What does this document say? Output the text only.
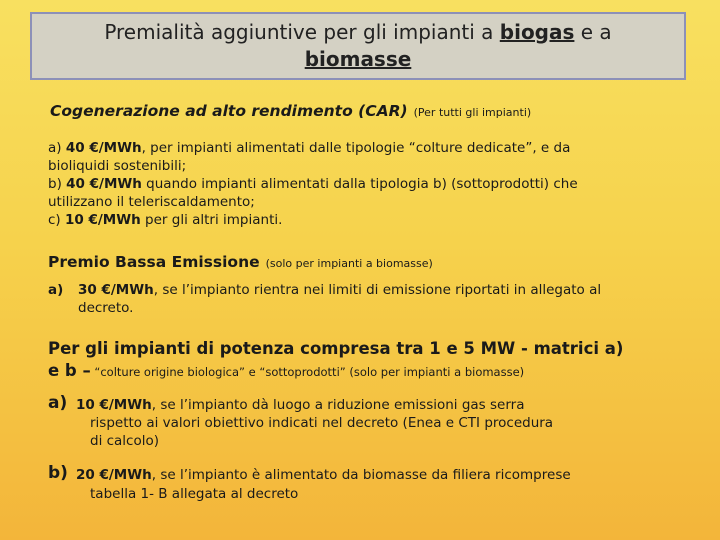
Premialità aggiuntive per gli impianti a biogas e a
biomasse
Cogenerazione ad alto rendimento (CAR) (Per tutti gli impianti)
a) 40 €/MWh, per impianti alimentati dalle tipologie “colture dedicate”, e da
bioliquidi sostenibili;
b) 40 €/MWh quando impianti alimentati dalla tipologia b) (sottoprodotti) che
utilizzano il teleriscaldamento;
c) 10 €/MWh per gli altri impianti.
Premio Bassa Emissione (solo per impianti a biomasse)
a) 30 €/MWh, se l’impianto rientra nei limiti di emissione riportati in allegato al
decreto.
Per gli impianti di potenza compresa tra 1 e 5 MW - matrici a)
e b – “colture origine biologica” e “sottoprodotti” (solo per impianti a biomasse)
a) 10 €/MWh, se l’impianto dà luogo a riduzione emissioni gas serra
rispetto ai valori obiettivo indicati nel decreto (Enea e CTI procedura
di calcolo)
b) 20 €/MWh, se l’impianto è alimentato da biomasse da filiera ricomprese
tabella 1- B allegata al decreto
